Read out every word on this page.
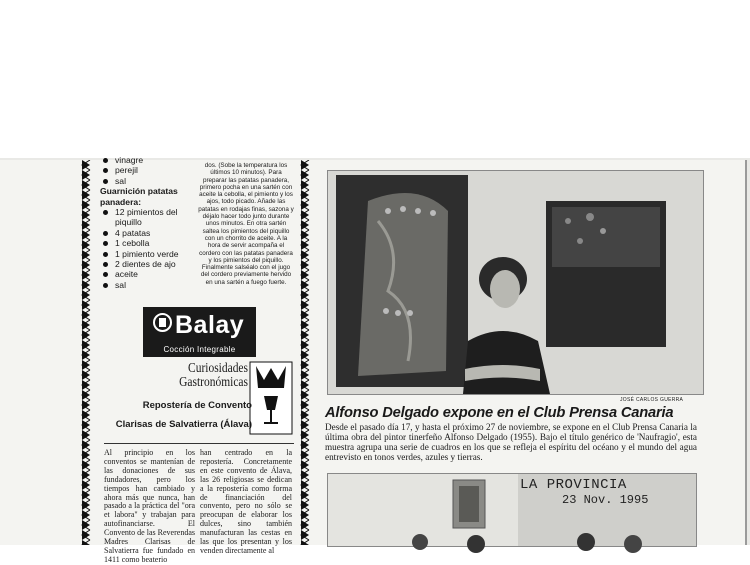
vinagre
perejil
sal
Guarnición patatas panadera:
12 pimientos del piquillo
4 patatas
1 cebolla
1 pimiento verde
2 dientes de ajo
aceite
sal
dos. (Sobe la temperatura los últimos 10 minutos). Para preparar las patatas panadera, primero pocha en una sartén con aceite la cebolla, el pimiento y los ajos, todo picado. Añade las patatas en rodajas finas, sazona y déjalo hacer todo junto durante unos minutos. En otra sartén saltea los pimientos del piquillo con un chorrito de aceite. A la hora de servir acompaña el cordero con las patatas panadera y los pimientos del piquillo. Finalmente salséalo con el jugo del cordero previamente hervido en una sartén a fuego fuerte.
Balay
Cocción Integrable
Curiosidades
Gastronómicas
Repostería de Convento
Clarisas de Salvatierra (Álava)
Al principio en los conventos se mantenían de las donaciones de sus fundadores, pero los tiempos han cambiado y ahora más que nunca, han pasado a la práctica del "ora et labora" y trabajan para autofinanciarse. El Convento de las Reverendas Madres Clarisas de Salvatierra fue fundado en 1411 como beaterio
han centrado en la repostería. Concretamente en este convento de Álava, las 26 religiosas se dedican a la repostería como forma de financiación del convento, pero no sólo se preocupan de elaborar los dulces, sino también manufacturan las cestas en las que los presentan y los venden directamente al
JOSÉ CARLOS GUERRA
Alfonso Delgado expone en el Club Prensa Canaria
Desde el pasado día 17, y hasta el próximo 27 de noviembre, se expone en el Club Prensa Canaria la última obra del pintor tinerfeño Alfonso Delgado (1955). Bajo el título genérico de 'Naufragio', esta muestra agrupa una serie de cuadros en los que se refleja el espíritu del océano y el mundo del agua entrevisto en tonos verdes, azules y tierras.
LA PROVINCIA
23 Nov. 1995
